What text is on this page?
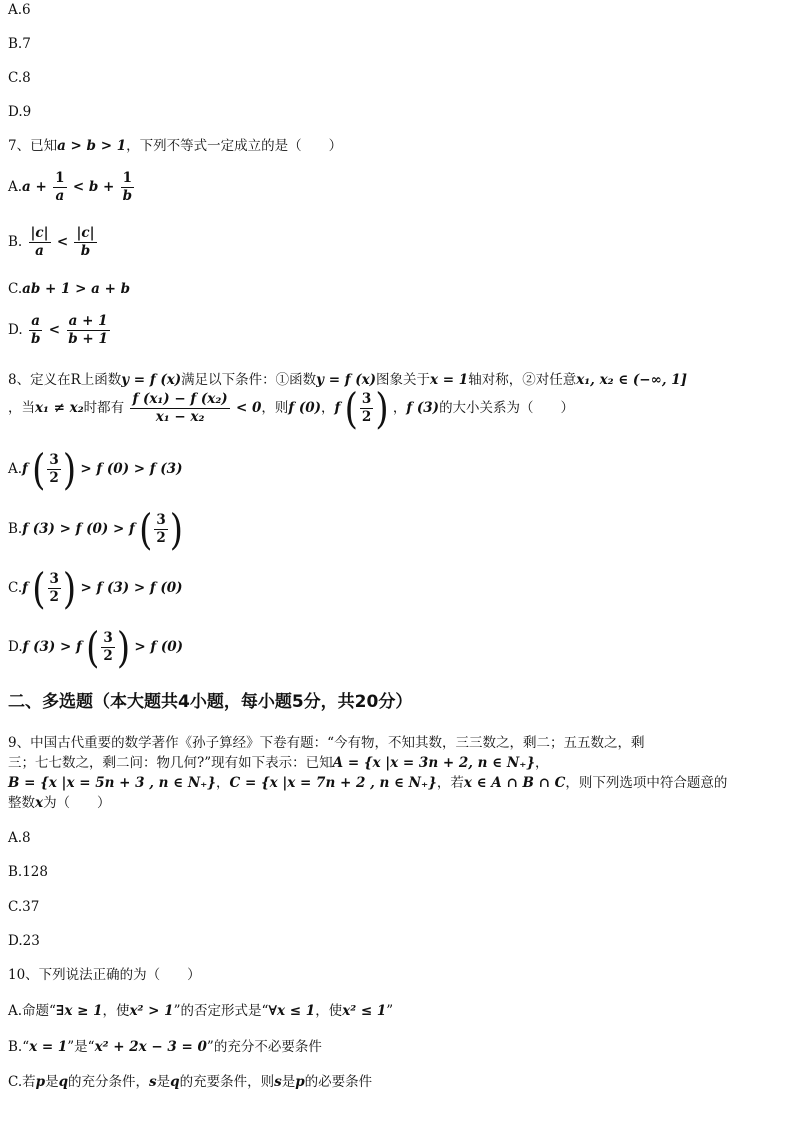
A.6
B.7
C.8
D.9
7、已知a > b > 1，下列不等式一定成立的是（　　）
$A.a + \frac{1}{a} < b + \frac{1}{b}$
B. $\frac{|c|}{a} < \frac{|c|}{b}$
C.ab + 1 > a + b
D. $\frac{a}{b} < \frac{a + 1}{b + 1}$
8、定义在R上函数y = f (x)满足以下条件：①函数y = f (x)图象关于x = 1轴对称，②对任意x₁, x₂ ∈ (−∞, 1]
，当x₁ ≠ x₂时都有 $\frac{\text{f (x₁) − f (x₂)}}{\text{x₁ − x₂}} < 0$，则f (0)，f ( $\frac{3}{2}$ ) ，f (3)的大小关系为（　　）
A.f ( $\frac{3}{2}$ ) > f (0) > f (3)
B.f (3) > f (0) > f ( $\frac{3}{2}$ )
C.f ( $\frac{3}{2}$ ) > f (3) > f (0)
D.f (3) > f ( $\frac{3}{2}$ ) > f (0)
二、多选题（本大题共4小题，每小题5分，共20分）
9、中国古代重要的数学著作《孙子算经》下卷有题：“今有物，不知其数，三三数之，剩二；五五数之，剩
三；七七数之，剩二问：物几何?”现有如下表示：已知A = {x |x = 3n + 2, n ∈ N₊}，
B = {x |x = 5n + 3 , n ∈ N₊}，C = {x |x = 7n + 2 , n ∈ N₊}，若x ∈ A ∩ B ∩ C，则下列选项中符合题意的
整数x为（　　）
A.8
B.128
C.37
D.23
10、下列说法正确的为（　　）
A.命题“∃x ≥ 1，使x² > 1”的否定形式是“∀x ≤ 1，使x² ≤ 1”
B.“x = 1”是“x² + 2x − 3 = 0”的充分不必要条件
C.若p是q的充分条件，s是q的充要条件，则s是p的必要条件
